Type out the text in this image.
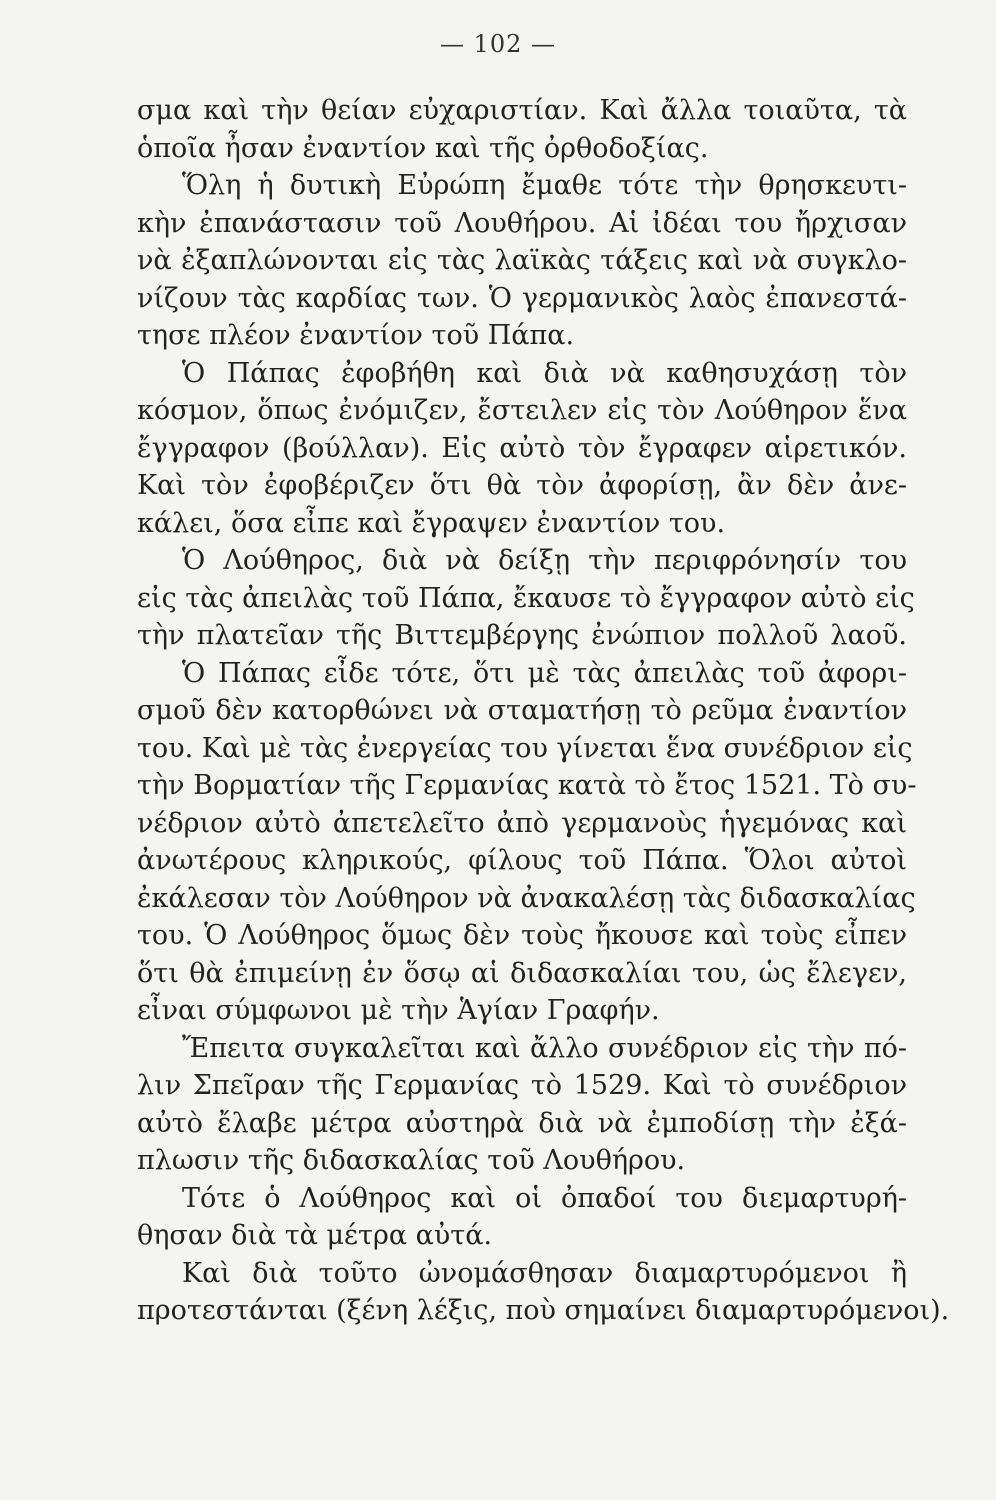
— 102 —
σμα καὶ τὴν θείαν εὐχαριστίαν. Καὶ ἄλλα τοιαῦτα, τὰ
ὁποῖα ἦσαν ἐναντίον καὶ τῆς ὀρθοδοξίας.
Ὅλη ἡ δυτικὴ Εὐρώπη ἔμαθε τότε τὴν θρησκευτι-
κὴν ἐπανάστασιν τοῦ Λουθήρου. Αἱ ἰδέαι του ἤρχισαν
νὰ ἐξαπλώνονται εἰς τὰς λαϊκὰς τάξεις καὶ νὰ συγκλο-
νίζουν τὰς καρδίας των. Ὁ γερμανικὸς λαὸς ἐπανεστά-
τησε πλέον ἐναντίον τοῦ Πάπα.
Ὁ Πάπας ἐφοβήθη καὶ διὰ νὰ καθησυχάσῃ τὸν
κόσμον, ὅπως ἐνόμιζεν, ἔστειλεν εἰς τὸν Λούθηρον ἕνα
ἔγγραφον (βούλλαν). Εἰς αὐτὸ τὸν ἔγραφεν αἱρετικόν.
Καὶ τὸν ἐφοβέριζεν ὅτι θὰ τὸν ἀφορίσῃ, ἂν δὲν ἀνε-
κάλει, ὅσα εἶπε καὶ ἔγραψεν ἐναντίον του.
Ὁ Λούθηρος, διὰ νὰ δείξῃ τὴν περιφρόνησίν του
εἰς τὰς ἀπειλὰς τοῦ Πάπα, ἔκαυσε τὸ ἔγγραφον αὐτὸ εἰς
τὴν πλατεῖαν τῆς Βιττεμβέργης ἐνώπιον πολλοῦ λαοῦ.
Ὁ Πάπας εἶδε τότε, ὅτι μὲ τὰς ἀπειλὰς τοῦ ἀφορι-
σμοῦ δὲν κατορθώνει νὰ σταματήσῃ τὸ ρεῦμα ἐναντίον
του. Καὶ μὲ τὰς ἐνεργείας του γίνεται ἕνα συνέδριον εἰς
τὴν Βορματίαν τῆς Γερμανίας κατὰ τὸ ἔτος 1521. Τὸ συ-
νέδριον αὐτὸ ἀπετελεῖτο ἀπὸ γερμανοὺς ἡγεμόνας καὶ
ἀνωτέρους κληρικούς, φίλους τοῦ Πάπα. Ὅλοι αὐτοὶ
ἐκάλεσαν τὸν Λούθηρον νὰ ἀνακαλέσῃ τὰς διδασκαλίας
του. Ὁ Λούθηρος ὅμως δὲν τοὺς ἤκουσε καὶ τοὺς εἶπεν
ὅτι θὰ ἐπιμείνῃ ἐν ὅσῳ αἱ διδασκαλίαι του, ὡς ἔλεγεν,
εἶναι σύμφωνοι μὲ τὴν Ἁγίαν Γραφήν.
Ἔπειτα συγκαλεῖται καὶ ἄλλο συνέδριον εἰς τὴν πό-
λιν Σπεῖραν τῆς Γερμανίας τὸ 1529. Καὶ τὸ συνέδριον
αὐτὸ ἔλαβε μέτρα αὐστηρὰ διὰ νὰ ἐμποδίσῃ τὴν ἐξά-
πλωσιν τῆς διδασκαλίας τοῦ Λουθήρου.
Τότε ὁ Λούθηρος καὶ οἱ ὀπαδοί του διεμαρτυρή-
θησαν διὰ τὰ μέτρα αὐτά.
Καὶ διὰ τοῦτο ὠνομάσθησαν διαμαρτυρόμενοι ἢ
προτεστάνται (ξένη λέξις, ποὺ σημαίνει διαμαρτυρόμενοι).
